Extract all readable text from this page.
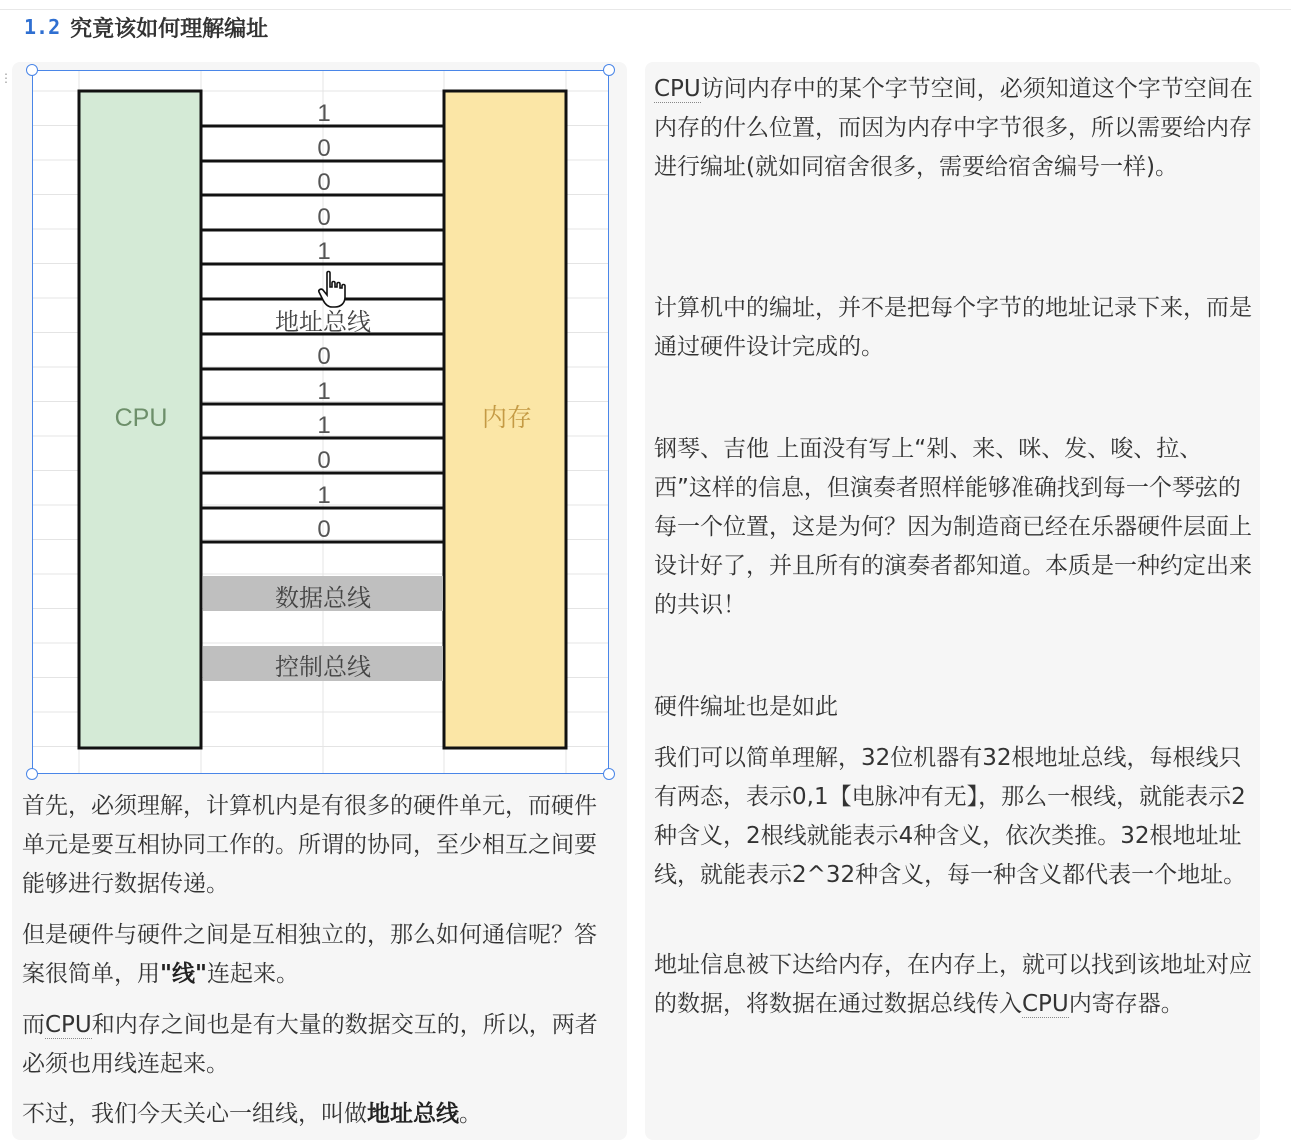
⋮
1.2 究竟该如何理解编址
CPU	内存
1
0
0
0
1
0
1
1
0
1
0
数据总线
控制总线
地址总线
首先，必须理解，计算机内是有很多的硬件单元，而硬件单元是要互相协同工作的。所谓的协同，至少相互之间要能够进行数据传递。
但是硬件与硬件之间是互相独立的，那么如何通信呢？答案很简单，用"线"连起来。
而CPU和内存之间也是有大量的数据交互的，所以，两者必须也用线连起来。
不过，我们今天关心一组线，叫做地址总线。
CPU访问内存中的某个字节空间，必须知道这个字节空间在内存的什么位置，而因为内存中字节很多，所以需要给内存进行编址(就如同宿舍很多，需要给宿舍编号一样)。
计算机中的编址，并不是把每个字节的地址记录下来，而是通过硬件设计完成的。
钢琴、吉他 上面没有写上“剁、来、咪、发、唆、拉、西”这样的信息，但演奏者照样能够准确找到每一个琴弦的每一个位置，这是为何？因为制造商已经在乐器硬件层面上设计好了，并且所有的演奏者都知道。本质是一种约定出来的共识！
硬件编址也是如此
我们可以简单理解，32位机器有32根地址总线，每根线只有两态，表示0,1【电脉冲有无】，那么一根线，就能表示2种含义，2根线就能表示4种含义，依次类推。32根地址址线，就能表示2^32种含义，每一种含义都代表一个地址。
地址信息被下达给内存，在内存上，就可以找到该地址对应的数据，将数据在通过数据总线传入CPU内寄存器。
